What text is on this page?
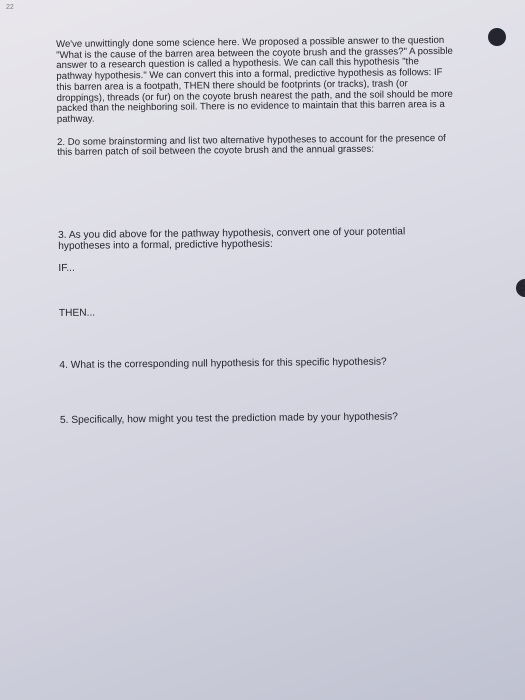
22

We've unwittingly done some science here. We proposed a possible answer to the question "What is the cause of the barren area between the coyote brush and the grasses?" A possible answer to a research question is called a hypothesis. We can call this hypothesis "the pathway hypothesis." We can convert this into a formal, predictive hypothesis as follows: IF this barren area is a footpath, THEN there should be footprints (or tracks), trash (or droppings), threads (or fur) on the coyote brush nearest the path, and the soil should be more packed than the neighboring soil. There is no evidence to maintain that this barren area is a pathway.

2. Do some brainstorming and list two alternative hypotheses to account for the presence of this barren patch of soil between the coyote brush and the annual grasses:

3. As you did above for the pathway hypothesis, convert one of your potential hypotheses into a formal, predictive hypothesis:

IF...

THEN...

4. What is the corresponding null hypothesis for this specific hypothesis?

5. Specifically, how might you test the prediction made by your hypothesis?
